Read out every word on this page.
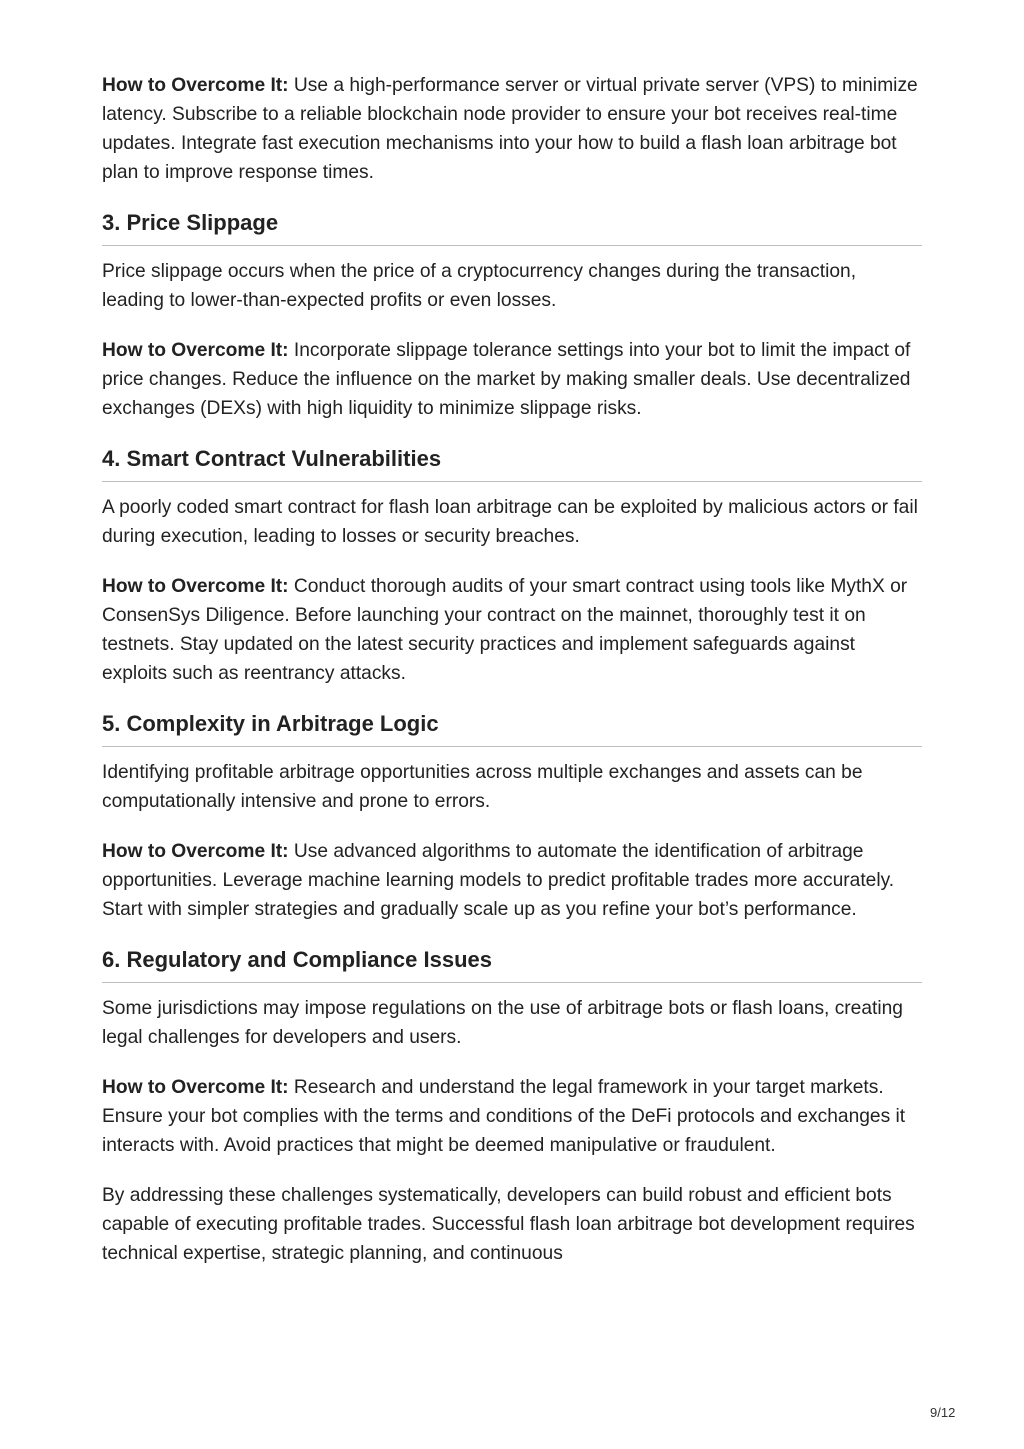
How to Overcome It: Use a high-performance server or virtual private server (VPS) to minimize latency. Subscribe to a reliable blockchain node provider to ensure your bot receives real-time updates. Integrate fast execution mechanisms into your how to build a flash loan arbitrage bot plan to improve response times.

3. Price Slippage

Price slippage occurs when the price of a cryptocurrency changes during the transaction, leading to lower-than-expected profits or even losses.

How to Overcome It: Incorporate slippage tolerance settings into your bot to limit the impact of price changes. Reduce the influence on the market by making smaller deals. Use decentralized exchanges (DEXs) with high liquidity to minimize slippage risks.

4. Smart Contract Vulnerabilities

A poorly coded smart contract for flash loan arbitrage can be exploited by malicious actors or fail during execution, leading to losses or security breaches.

How to Overcome It: Conduct thorough audits of your smart contract using tools like MythX or ConsenSys Diligence. Before launching your contract on the mainnet, thoroughly test it on testnets. Stay updated on the latest security practices and implement safeguards against exploits such as reentrancy attacks.

5. Complexity in Arbitrage Logic

Identifying profitable arbitrage opportunities across multiple exchanges and assets can be computationally intensive and prone to errors.

How to Overcome It: Use advanced algorithms to automate the identification of arbitrage opportunities. Leverage machine learning models to predict profitable trades more accurately. Start with simpler strategies and gradually scale up as you refine your bot’s performance.

6. Regulatory and Compliance Issues

Some jurisdictions may impose regulations on the use of arbitrage bots or flash loans, creating legal challenges for developers and users.

How to Overcome It: Research and understand the legal framework in your target markets. Ensure your bot complies with the terms and conditions of the DeFi protocols and exchanges it interacts with. Avoid practices that might be deemed manipulative or fraudulent.

By addressing these challenges systematically, developers can build robust and efficient bots capable of executing profitable trades. Successful flash loan arbitrage bot development requires technical expertise, strategic planning, and continuous

9/12
